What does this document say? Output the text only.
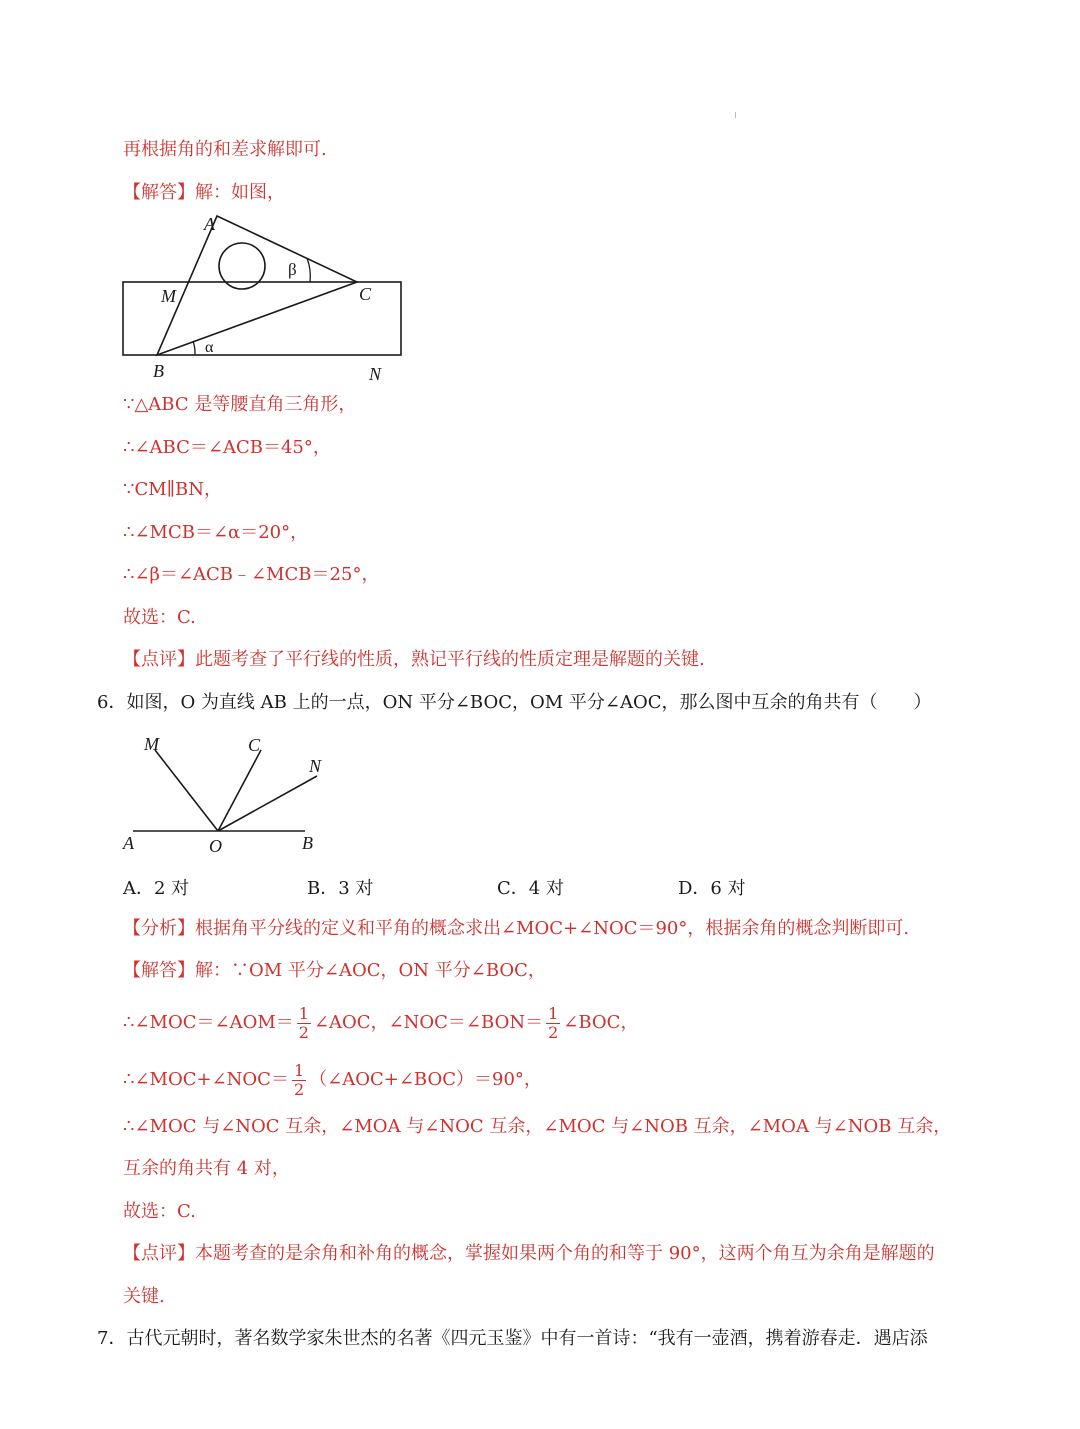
再根据角的和差求解即可.
【解答】解：如图，
A
M	C
B	N
β
α
∵△ABC 是等腰直角三角形，
∴∠ABC＝∠ACB＝45°，
∵CM∥BN，
∴∠MCB＝∠α＝20°，
∴∠β＝∠ACB﹣∠MCB＝25°，
故选：C.
【点评】此题考查了平行线的性质，熟记平行线的性质定理是解题的关键.
6．如图，O 为直线 AB 上的一点，ON 平分∠BOC，OM 平分∠AOC，那么图中互余的角共有（　　）
M	C
N
A	O	B
A．2 对	B．3 对	C．4 对	D．6 对
【分析】根据角平分线的定义和平角的概念求出∠MOC+∠NOC＝90°，根据余角的概念判断即可.
【解答】解：∵OM 平分∠AOC，ON 平分∠BOC，
∴∠MOC＝∠AOM＝ $\frac{1}{2}$ ∠AOC，∠NOC＝∠BON＝ $\frac{1}{2}$ ∠BOC，
∴∠MOC+∠NOC＝ $\frac{1}{2}$ （∠AOC+∠BOC）＝90°，
∴∠MOC 与∠NOC 互余，∠MOA 与∠NOC 互余，∠MOC 与∠NOB 互余，∠MOA 与∠NOB 互余，
互余的角共有 4 对，
故选：C.
【点评】本题考查的是余角和补角的概念，掌握如果两个角的和等于 90°，这两个角互为余角是解题的
关键.
7．古代元朝时，著名数学家朱世杰的名著《四元玉鉴》中有一首诗：“我有一壶酒，携着游春走．遇店添
